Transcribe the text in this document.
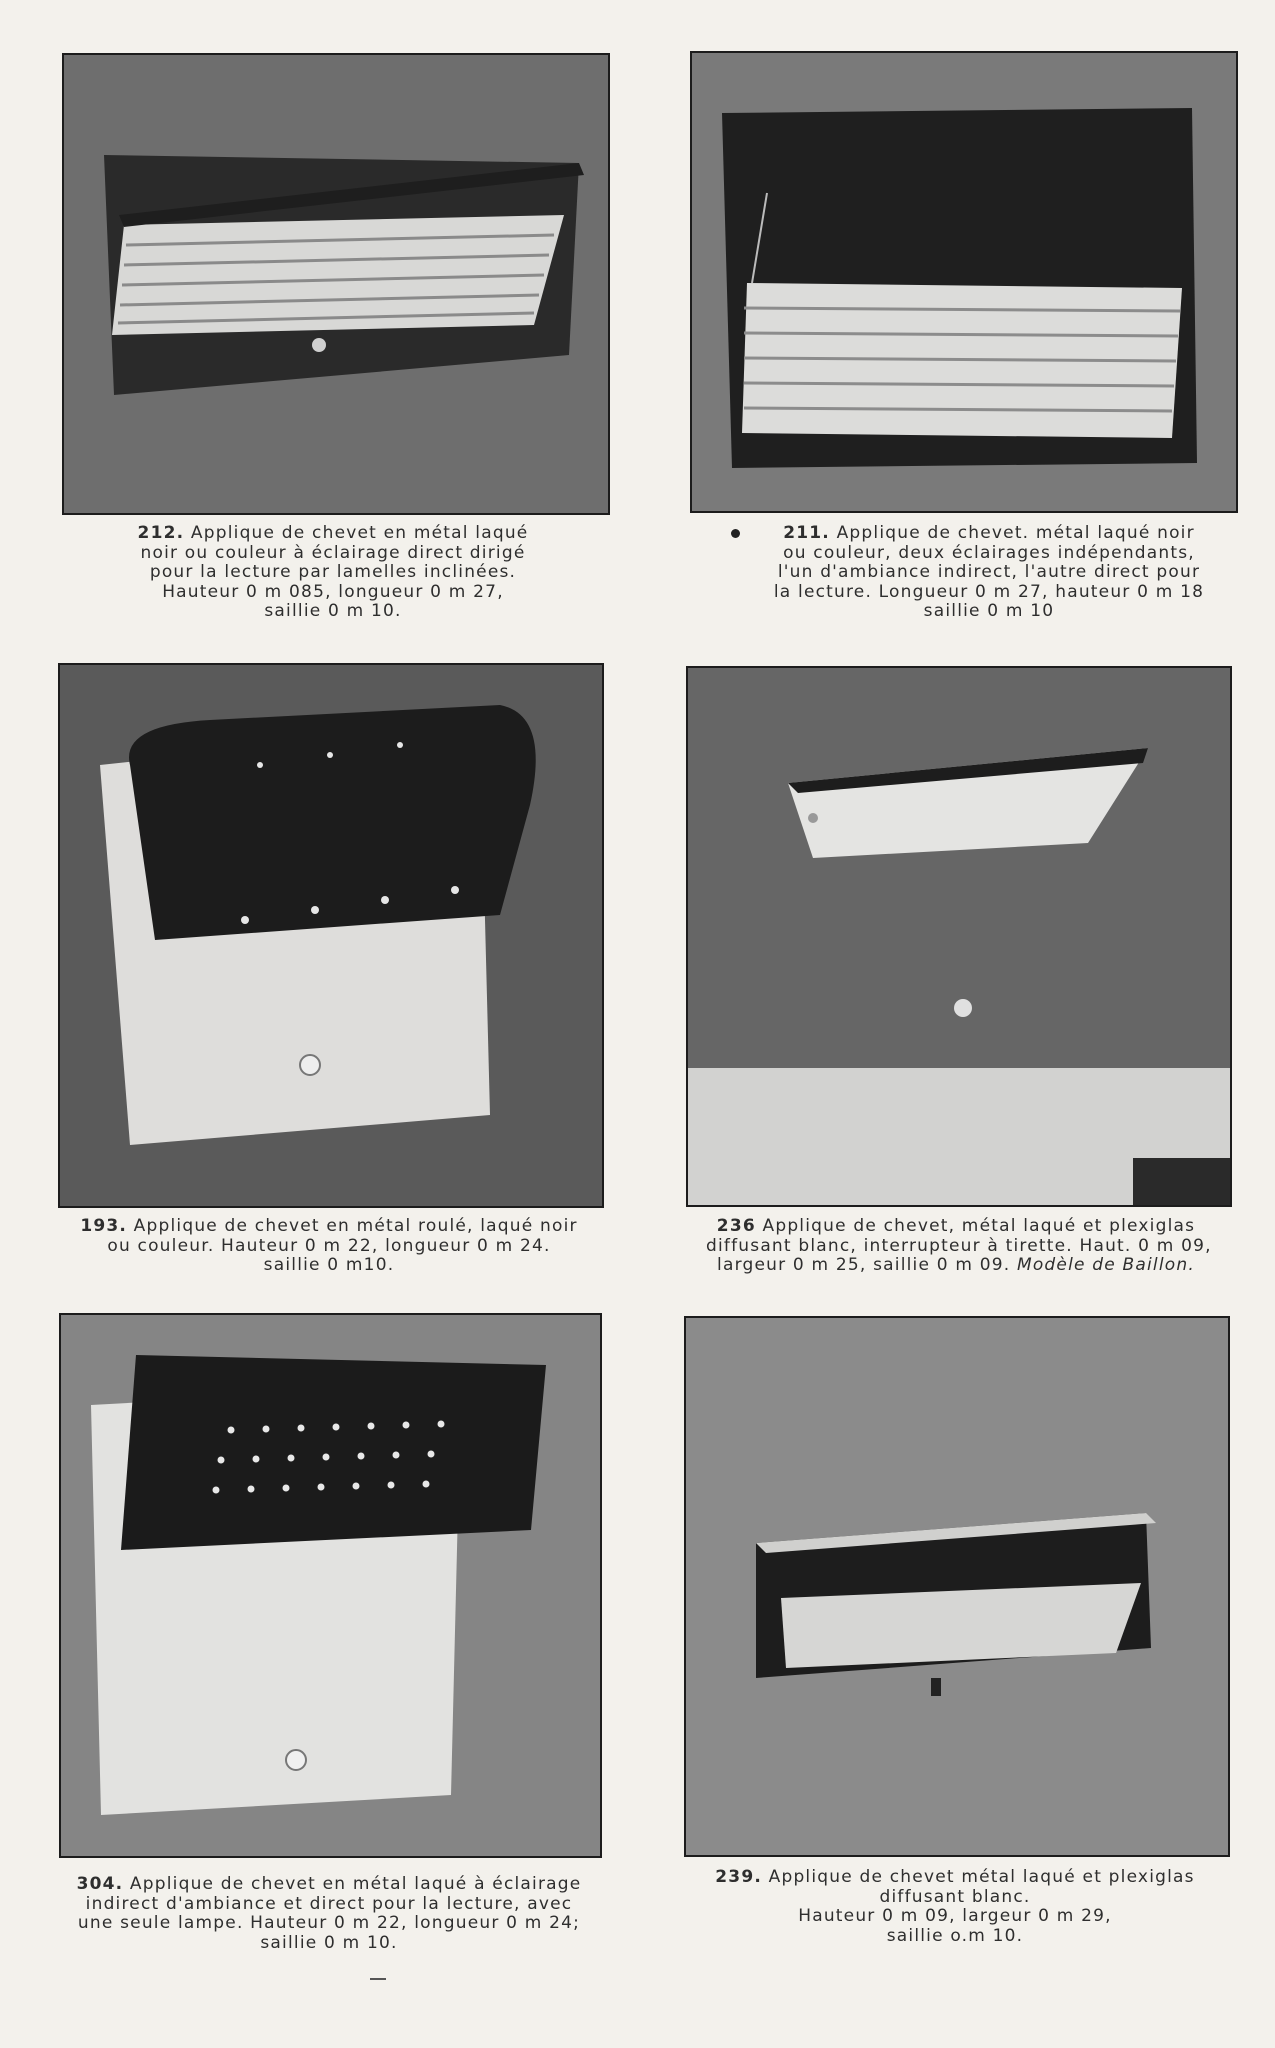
212. Applique de chevet en métal laqué
noir ou couleur à éclairage direct dirigé
pour la lecture par lamelles inclinées.
Hauteur 0 m 085, longueur 0 m 27,
saillie 0 m 10.
211. Applique de chevet. métal laqué noir
ou couleur, deux éclairages indépendants,
l'un d'ambiance indirect, l'autre direct pour
la lecture. Longueur 0 m 27, hauteur 0 m 18
saillie 0 m 10
193. Applique de chevet en métal roulé, laqué noir
ou couleur. Hauteur 0 m 22, longueur 0 m 24.
saillie 0 m10.
236 Applique de chevet, métal laqué et plexiglas
diffusant blanc, interrupteur à tirette. Haut. 0 m 09,
largeur 0 m 25, saillie 0 m 09. Modèle de Baillon.
304. Applique de chevet en métal laqué à éclairage
indirect d'ambiance et direct pour la lecture, avec
une seule lampe. Hauteur 0 m 22, longueur 0 m 24;
saillie 0 m 10.
239. Applique de chevet métal laqué et plexiglas
diffusant blanc.
Hauteur 0 m 09, largeur 0 m 29,
saillie o.m 10.
